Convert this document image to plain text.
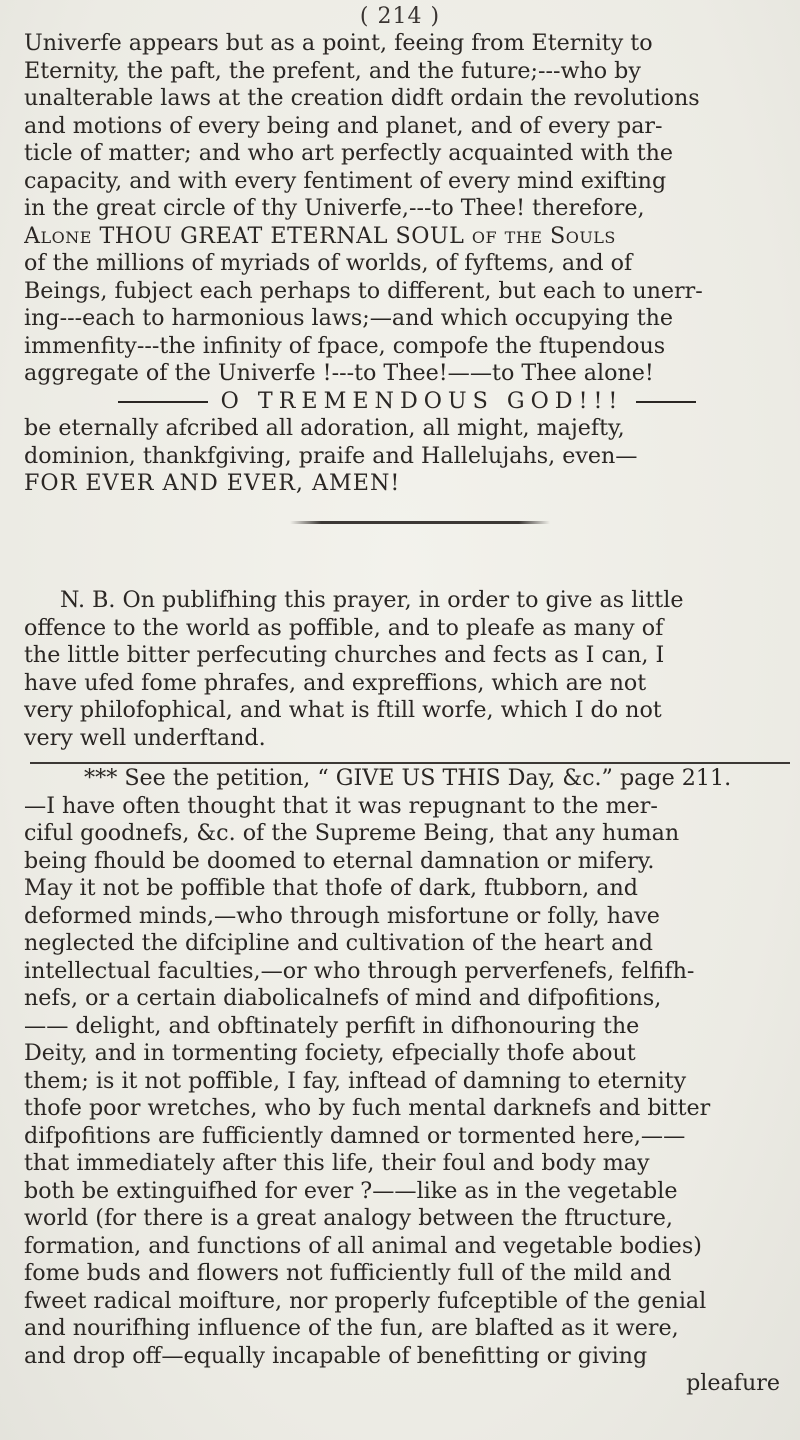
( 214 )
Univerfe appears but as a point, feeing from Eternity to
Eternity, the paft, the prefent, and the future;---who by
unalterable laws at the creation didft ordain the revolutions
and motions of every being and planet, and of every par-
ticle of matter; and who art perfectly acquainted with the
capacity, and with every fentiment of every mind exifting
in the great circle of thy Univerfe,---to Thee! therefore,
Alone THOU GREAT ETERNAL SOUL of the Souls
of the millions of myriads of worlds, of fyftems, and of
Beings, fubject each perhaps to different, but each to unerr-
ing---each to harmonious laws;—and which occupying the
immenfity---the infinity of fpace, compofe the ftupendous
aggregate of the Univerfe !---to Thee!——to Thee alone!
O TREMENDOUS GOD!!!
be eternally afcribed all adoration, all might, majefty,
dominion, thankfgiving, praife and Hallelujahs, even—
FOR EVER AND EVER, AMEN!
N. B. On publifhing this prayer, in order to give as little
offence to the world as poffible, and to pleafe as many of
the little bitter perfecuting churches and fects as I can, I
have ufed fome phrafes, and expreffions, which are not
very philofophical, and what is ftill worfe, which I do not
very well underftand.
*** See the petition, “ GIVE US THIS Day, &c.” page 211.
—I have often thought that it was repugnant to the mer-
ciful goodnefs, &c. of the Supreme Being, that any human
being fhould be doomed to eternal damnation or mifery.
May it not be poffible that thofe of dark, ftubborn, and
deformed minds,—who through misfortune or folly, have
neglected the difcipline and cultivation of the heart and
intellectual faculties,—or who through perverfenefs, felfifh-
nefs, or a certain diabolicalnefs of mind and difpofitions,
—— delight, and obftinately perfift in difhonouring the
Deity, and in tormenting fociety, efpecially thofe about
them; is it not poffible, I fay, inftead of damning to eternity
thofe poor wretches, who by fuch mental darknefs and bitter
difpofitions are fufficiently damned or tormented here,——
that immediately after this life, their foul and body may
both be extinguifhed for ever ?——like as in the vegetable
world (for there is a great analogy between the ftructure,
formation, and functions of all animal and vegetable bodies)
fome buds and flowers not fufficiently full of the mild and
fweet radical moifture, nor properly fufceptible of the genial
and nourifhing influence of the fun, are blafted as it were,
and drop off—equally incapable of benefitting or giving
pleafure
